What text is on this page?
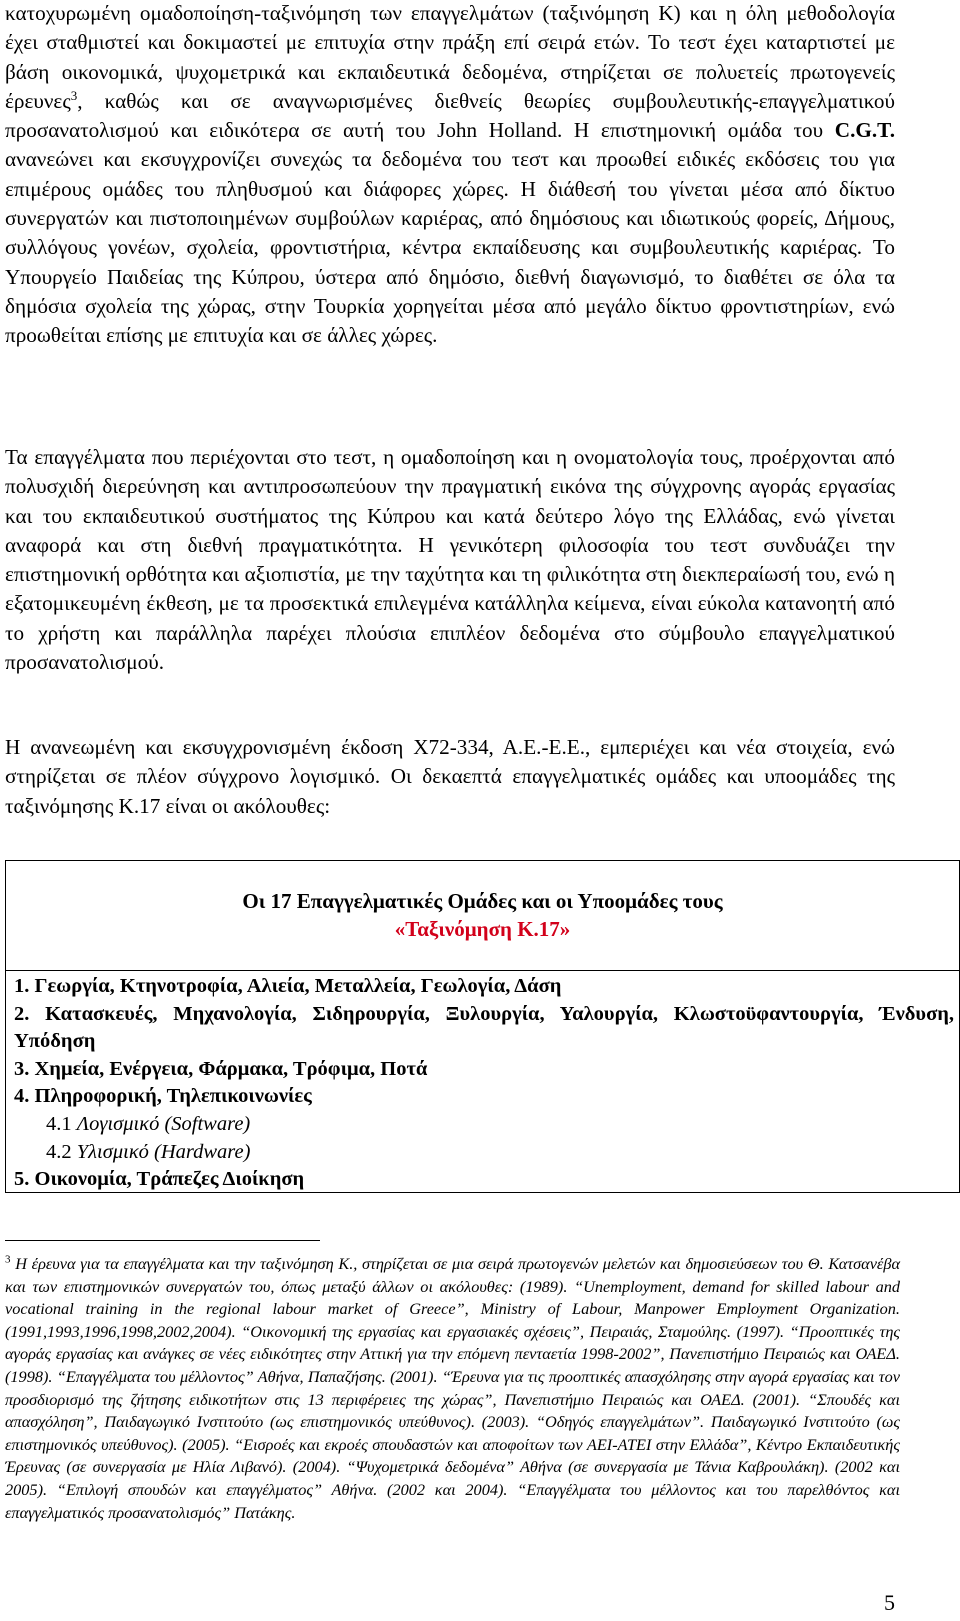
κατοχυρωμένη ομαδοποίηση-ταξινόμηση των επαγγελμάτων (ταξινόμηση Κ) και η όλη μεθοδολογία έχει σταθμιστεί και δοκιμαστεί με επιτυχία στην πράξη επί σειρά ετών. Το τεστ έχει καταρτιστεί με βάση οικονομικά, ψυχομετρικά και εκπαιδευτικά δεδομένα, στηρίζεται σε πολυετείς πρωτογενείς έρευνες$^3$, καθώς και σε αναγνωρισμένες διεθνείς θεωρίες συμβουλευτικής-επαγγελματικού προσανατολισμού και ειδικότερα σε αυτή του John Holland. Η επιστημονική ομάδα του C.G.T. ανανεώνει και εκσυγχρονίζει συνεχώς τα δεδομένα του τεστ και προωθεί ειδικές εκδόσεις του για επιμέρους ομάδες του πληθυσμού και διάφορες χώρες. Η διάθεσή του γίνεται μέσα από δίκτυο συνεργατών και πιστοποιημένων συμβούλων καριέρας, από δημόσιους και ιδιωτικούς φορείς, Δήμους, συλλόγους γονέων, σχολεία, φροντιστήρια, κέντρα εκπαίδευσης και συμβουλευτικής καριέρας. Το Υπουργείο Παιδείας της Κύπρου, ύστερα από δημόσιο, διεθνή διαγωνισμό, το διαθέτει σε όλα τα δημόσια σχολεία της χώρας, στην Τουρκία χορηγείται μέσα από μεγάλο δίκτυο φροντιστηρίων, ενώ προωθείται επίσης με επιτυχία και σε άλλες χώρες.

Τα επαγγέλματα που περιέχονται στο τεστ, η ομαδοποίηση και η ονοματολογία τους, προέρχονται από πολυσχιδή διερεύνηση και αντιπροσωπεύουν την πραγματική εικόνα της σύγχρονης αγοράς εργασίας και του εκπαιδευτικού συστήματος της Κύπρου και κατά δεύτερο λόγο της Ελλάδας, ενώ γίνεται αναφορά και στη διεθνή πραγματικότητα. Η γενικότερη φιλοσοφία του τεστ συνδυάζει την επιστημονική ορθότητα και αξιοπιστία, με την ταχύτητα και τη φιλικότητα στη διεκπεραίωσή του, ενώ η εξατομικευμένη έκθεση, με τα προσεκτικά επιλεγμένα κατάλληλα κείμενα, είναι εύκολα κατανοητή από το χρήστη και παράλληλα παρέχει πλούσια επιπλέον δεδομένα στο σύμβουλο επαγγελματικού προσανατολισμού.

Η ανανεωμένη και εκσυγχρονισμένη έκδοση Χ72-334, Α.Ε.-Ε.Ε., εμπεριέχει και νέα στοιχεία, ενώ στηρίζεται σε πλέον σύγχρονο λογισμικό. Οι δεκαεπτά επαγγελματικές ομάδες και υποομάδες της ταξινόμησης Κ.17 είναι οι ακόλουθες:

Οι 17 Επαγγελματικές Ομάδες και οι Υποομάδες τους
«Ταξινόμηση Κ.17»
1. Γεωργία, Κτηνοτροφία, Αλιεία, Μεταλλεία, Γεωλογία, Δάση
2. Κατασκευές, Μηχανολογία, Σιδηρουργία, Ξυλουργία, Υαλουργία, Κλωστοϋφαντουργία, Ένδυση, Υπόδηση
3. Χημεία, Ενέργεια, Φάρμακα, Τρόφιμα, Ποτά
4. Πληροφορική, Τηλεπικοινωνίες
4.1 Λογισμικό (Software)
4.2 Υλισμικό (Hardware)
5. Οικονομία, Τράπεζες Διοίκηση
$^3$ Η έρευνα για τα επαγγέλματα και την ταξινόμηση Κ., στηρίζεται σε μια σειρά πρωτογενών μελετών και δημοσιεύσεων του Θ. Κατσανέβα και των επιστημονικών συνεργατών του, όπως μεταξύ άλλων οι ακόλουθες: (1989). “Unemployment, demand for skilled labour and vocational training in the regional labour market of Greece”, Ministry of Labour, Manpower Employment Organization. (1991,1993,1996,1998,2002,2004). “Οικονομική της εργασίας και εργασιακές σχέσεις”, Πειραιάς, Σταμούλης. (1997). “Προοπτικές της αγοράς εργασίας και ανάγκες σε νέες ειδικότητες στην Αττική για την επόμενη πενταετία 1998-2002”, Πανεπιστήμιο Πειραιώς και ΟΑΕΔ. (1998). “Επαγγέλματα του μέλλοντος” Αθήνα, Παπαζήσης. (2001). “Έρευνα για τις προοπτικές απασχόλησης στην αγορά εργασίας και τον προσδιορισμό της ζήτησης ειδικοτήτων στις 13 περιφέρειες της χώρας”, Πανεπιστήμιο Πειραιώς και ΟΑΕΔ. (2001). “Σπουδές και απασχόληση”, Παιδαγωγικό Ινστιτούτο (ως επιστημονικός υπεύθυνος). (2003). “Οδηγός επαγγελμάτων”. Παιδαγωγικό Ινστιτούτο (ως επιστημονικός υπεύθυνος). (2005). “Εισροές και εκροές σπουδαστών και αποφοίτων των ΑΕΙ-ΑΤΕΙ στην Ελλάδα”, Κέντρο Εκπαιδευτικής Έρευνας (σε συνεργασία με Ηλία Λιβανό). (2004). “Ψυχομετρικά δεδομένα” Αθήνα (σε συνεργασία με Τάνια Καβρουλάκη). (2002 και 2005). “Επιλογή σπουδών και επαγγέλματος” Αθήνα. (2002 και 2004). “Επαγγέλματα του μέλλοντος και του παρελθόντος και επαγγελματικός προσανατολισμός” Πατάκης.
5
